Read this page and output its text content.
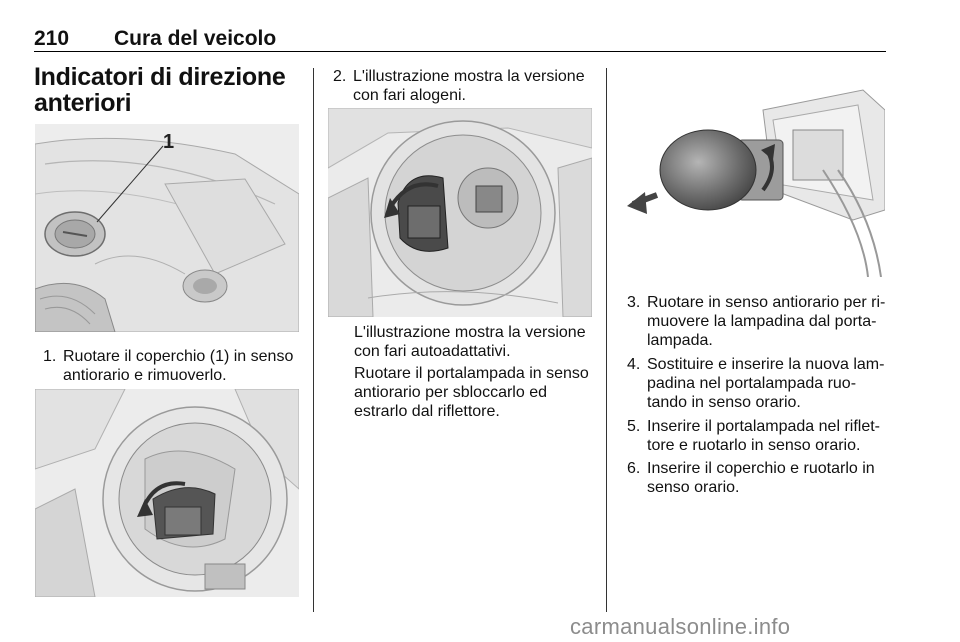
210 Cura del veicolo
Indicatori di direzione
anteriori
1
1. Ruotare il coperchio (1) in senso
antiorario e rimuoverlo.
2. L'illustrazione mostra la versione
con fari alogeni.
L'illustrazione mostra la versione
con fari autoadattativi.
Ruotare il portalampada in senso
antiorario per sbloccarlo ed
estrarlo dal riflettore.
3. Ruotare in senso antiorario per ri-
muovere la lampadina dal porta-
lampada.
4. Sostituire e inserire la nuova lam-
padina nel portalampada ruo-
tando in senso orario.
5. Inserire il portalampada nel riflet-
tore e ruotarlo in senso orario.
6. Inserire il coperchio e ruotarlo in
senso orario.
carmanualsonline.info
